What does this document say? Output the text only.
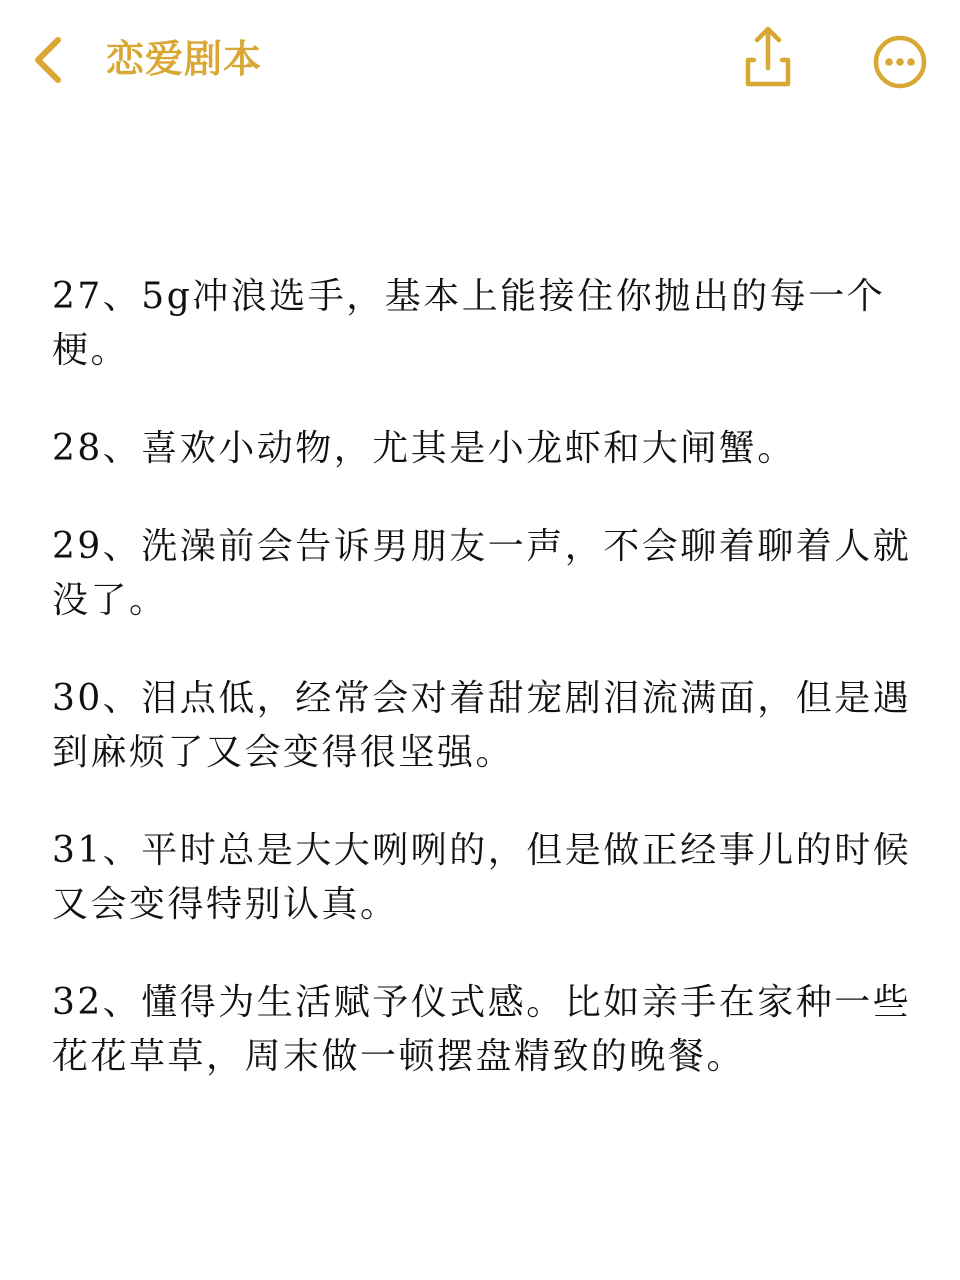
恋爱剧本

27、5g冲浪选手，基本上能接住你抛出的每一个梗。

28、喜欢小动物，尤其是小龙虾和大闸蟹。

29、洗澡前会告诉男朋友一声，不会聊着聊着人就没了。

30、泪点低，经常会对着甜宠剧泪流满面，但是遇到麻烦了又会变得很坚强。

31、平时总是大大咧咧的，但是做正经事儿的时候又会变得特别认真。

32、懂得为生活赋予仪式感。比如亲手在家种一些花花草草，周末做一顿摆盘精致的晚餐。
